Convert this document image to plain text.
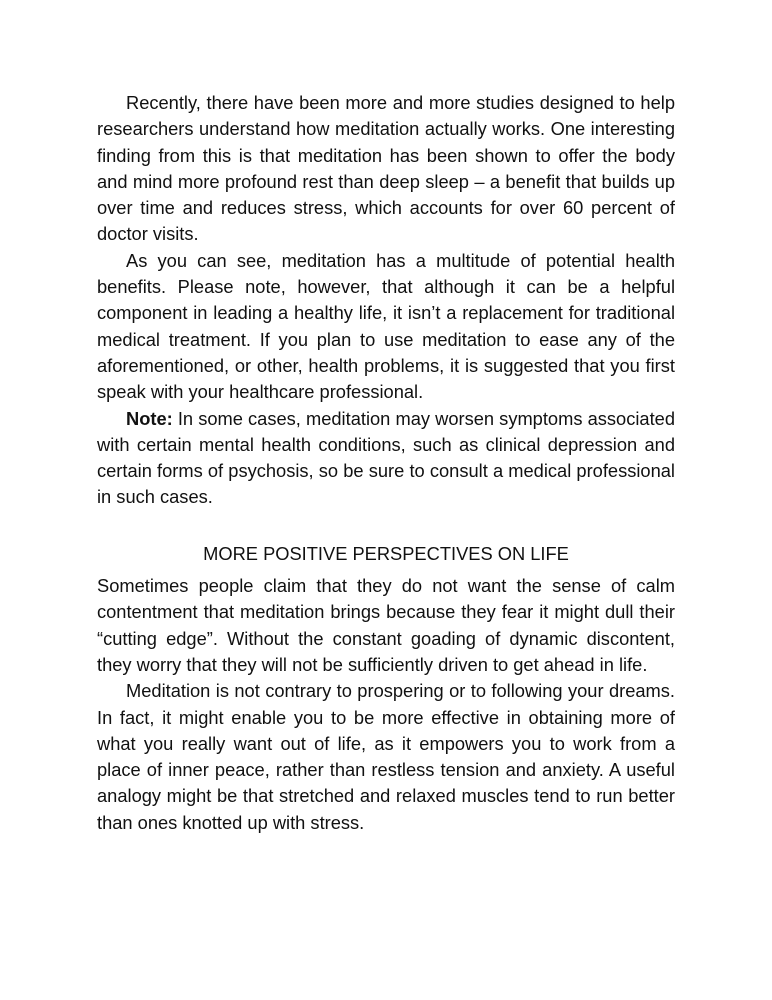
Recently, there have been more and more studies designed to help researchers understand how meditation actually works. One interesting finding from this is that meditation has been shown to offer the body and mind more profound rest than deep sleep – a benefit that builds up over time and reduces stress, which accounts for over 60 percent of doctor visits.

As you can see, meditation has a multitude of potential health benefits. Please note, however, that although it can be a helpful component in leading a healthy life, it isn’t a replacement for traditional medical treatment. If you plan to use meditation to ease any of the aforementioned, or other, health problems, it is suggested that you first speak with your healthcare professional.

Note: In some cases, meditation may worsen symptoms associated with certain mental health conditions, such as clinical depression and certain forms of psychosis, so be sure to consult a medical professional in such cases.

MORE POSITIVE PERSPECTIVES ON LIFE

Sometimes people claim that they do not want the sense of calm contentment that meditation brings because they fear it might dull their “cutting edge”. Without the constant goading of dynamic discontent, they worry that they will not be sufficiently driven to get ahead in life.

Meditation is not contrary to prospering or to following your dreams. In fact, it might enable you to be more effective in obtaining more of what you really want out of life, as it empowers you to work from a place of inner peace, rather than restless tension and anxiety. A useful analogy might be that stretched and relaxed muscles tend to run better than ones knotted up with stress.
